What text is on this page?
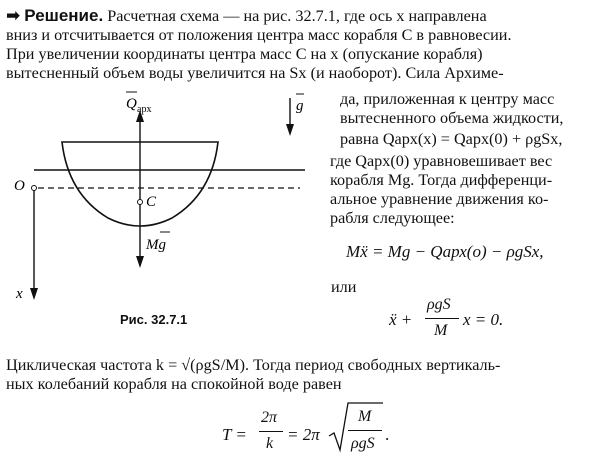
➡ Решение. Расчетная схема — на рис. 32.7.1, где ось x направлена
вниз и отсчитывается от положения центра масс корабля C в равновесии.
При увеличении координаты центра масс C на x (опускание корабля)
вытесненный объем воды увеличится на Sx (и наоборот). Сила Архиме-
да, приложенная к центру масс
вытесненного объема жидкости,
равна Qарх(x) = Qарх(0) + ρgSx,
где Qарх(0) уравновешивает вес
корабля Mg. Тогда дифференци-
альное уравнение движения ко-
рабля следующее:
Mẍ = Mg − Qарх(o) − ρgSx,
или
ẍ +
ρgS
M
x = 0.
Циклическая частота k = √(ρgS/M). Тогда период свободных вертикаль-
ных колебаний корабля на спокойной воде равен
T =
2π
k = 2π
M
ρgS .
Q арх	g
O
C
Mg
x
Рис. 32.7.1
